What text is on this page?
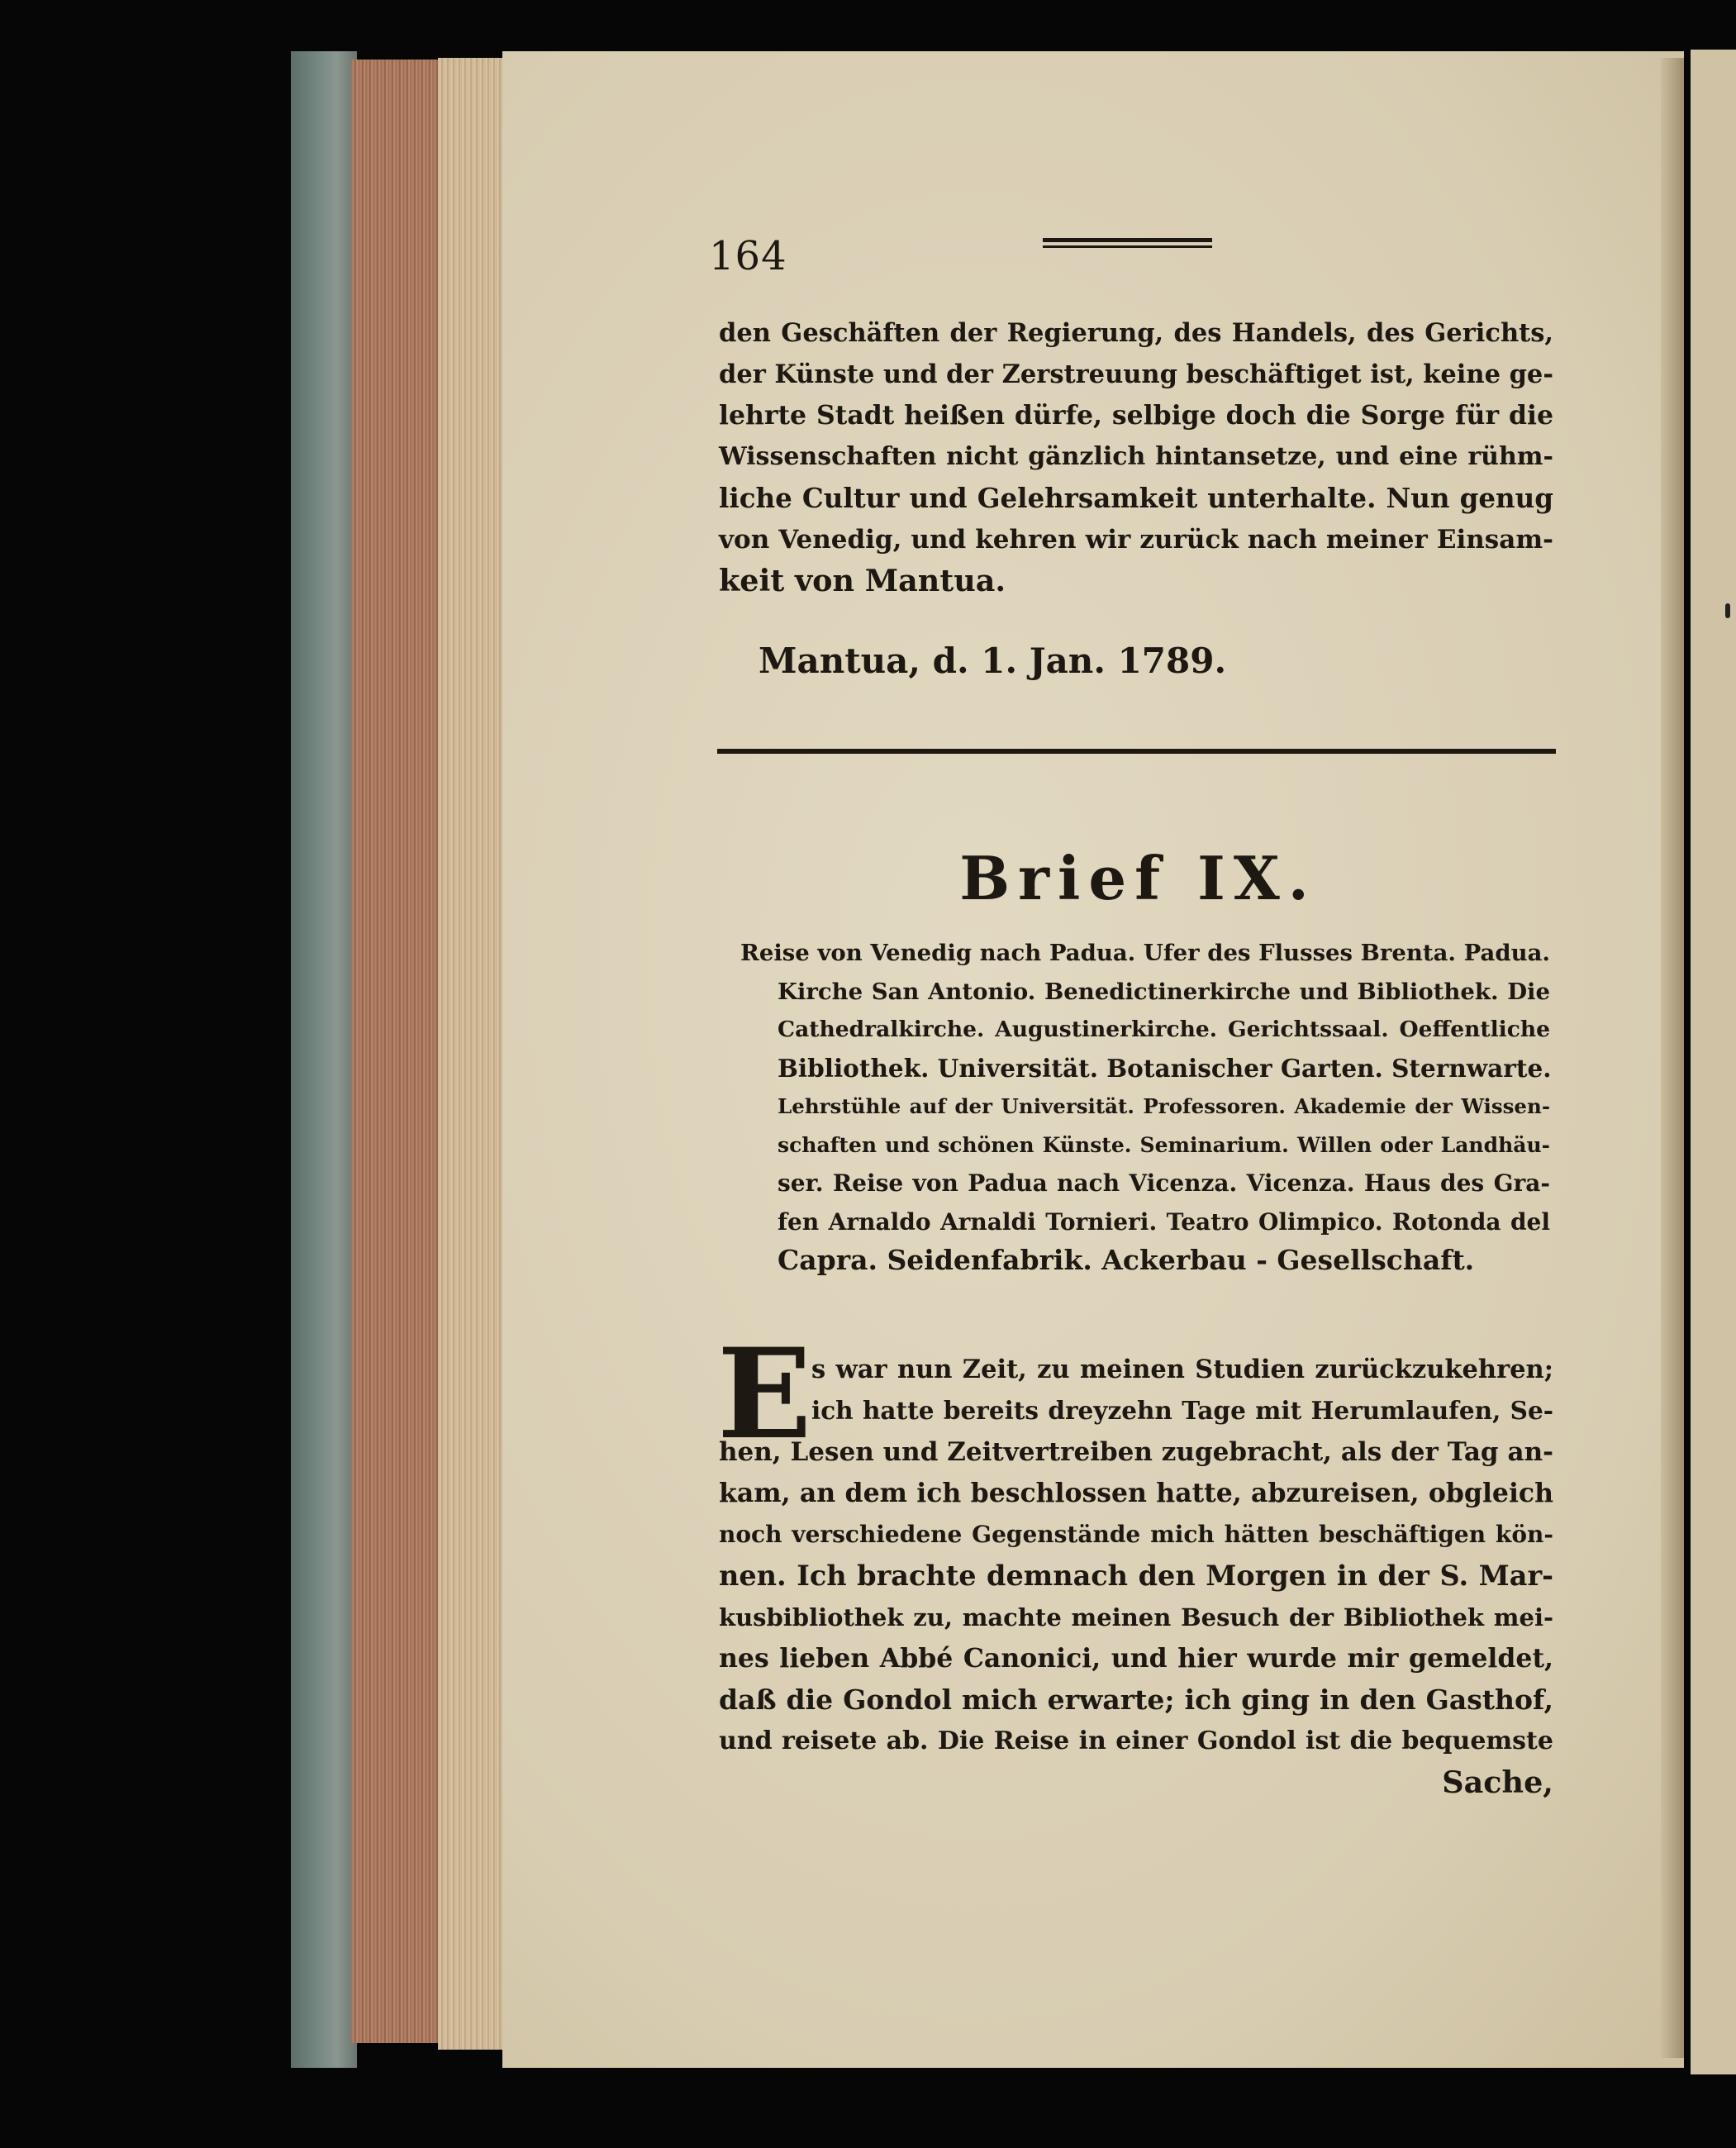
164
den Geschäften der Regierung, des Handels, des Gerichts,
der Künste und der Zerstreuung beschäftiget ist, keine ge-
lehrte Stadt heißen dürfe, selbige doch die Sorge für die
Wissenschaften nicht gänzlich hintansetze, und eine rühm-
liche Cultur und Gelehrsamkeit unterhalte. Nun genug
von Venedig, und kehren wir zurück nach meiner Einsam-
keit von Mantua.
Mantua, d. 1. Jan. 1789.
Brief IX.
Reise von Venedig nach Padua. Ufer des Flusses Brenta. Padua.
Kirche San Antonio. Benedictinerkirche und Bibliothek. Die
Cathedralkirche. Augustinerkirche. Gerichtssaal. Oeffentliche
Bibliothek. Universität. Botanischer Garten. Sternwarte.
Lehrstühle auf der Universität. Professoren. Akademie der Wissen-
schaften und schönen Künste. Seminarium. Willen oder Landhäu-
ser. Reise von Padua nach Vicenza. Vicenza. Haus des Gra-
fen Arnaldo Arnaldi Tornieri. Teatro Olimpico. Rotonda del
Capra. Seidenfabrik. Ackerbau - Gesellschaft.
E s war nun Zeit, zu meinen Studien zurückzukehren;
ich hatte bereits dreyzehn Tage mit Herumlaufen, Se-
hen, Lesen und Zeitvertreiben zugebracht, als der Tag an-
kam, an dem ich beschlossen hatte, abzureisen, obgleich
noch verschiedene Gegenstände mich hätten beschäftigen kön-
nen. Ich brachte demnach den Morgen in der S. Mar-
kusbibliothek zu, machte meinen Besuch der Bibliothek mei-
nes lieben Abbé Canonici, und hier wurde mir gemeldet,
daß die Gondol mich erwarte; ich ging in den Gasthof,
und reisete ab. Die Reise in einer Gondol ist die bequemste
Sache,
